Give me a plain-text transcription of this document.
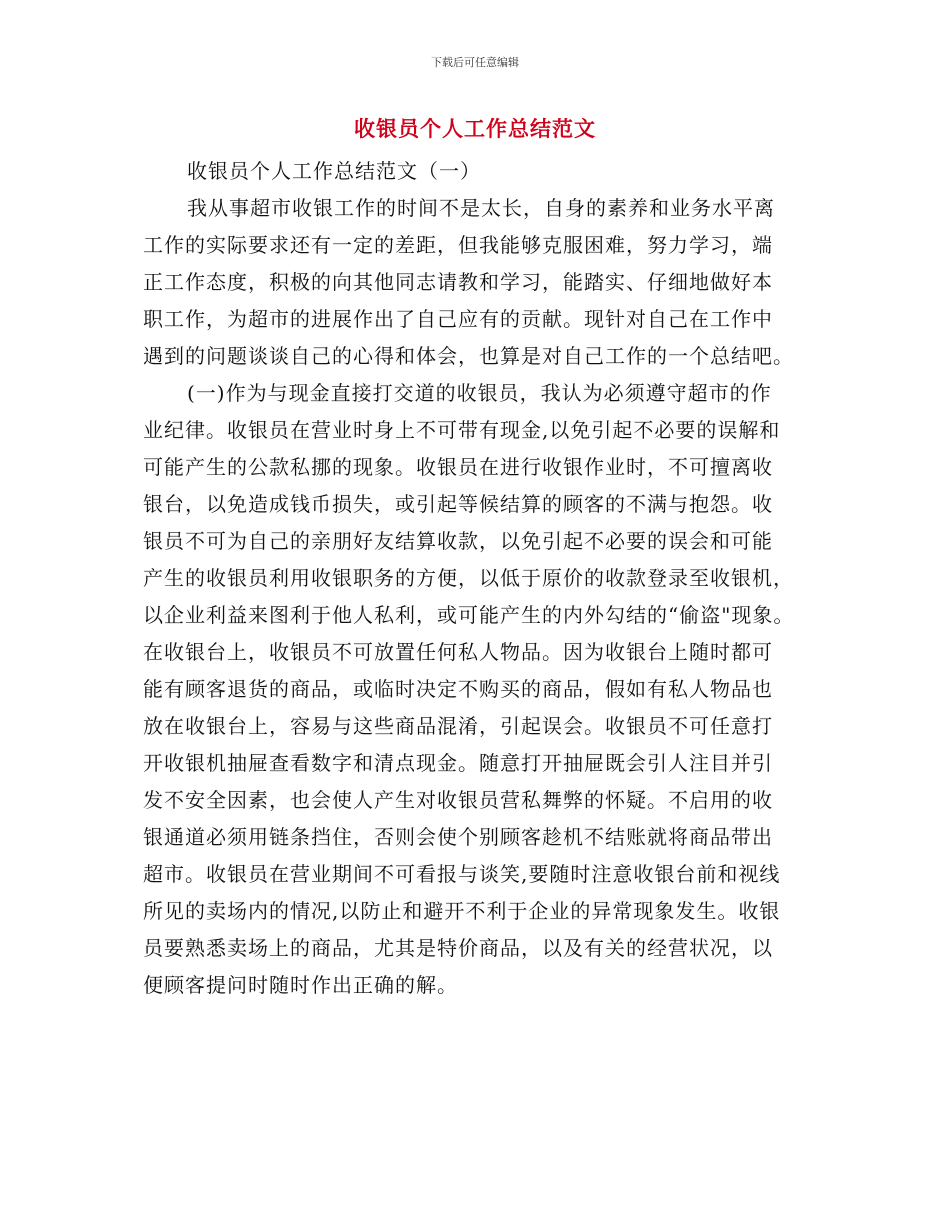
下载后可任意编辑
收银员个人工作总结范文
收银员个人工作总结范文（一）
我从事超市收银工作的时间不是太长，自身的素养和业务水平离
工作的实际要求还有一定的差距，但我能够克服困难，努力学习，端
正工作态度，积极的向其他同志请教和学习，能踏实、仔细地做好本
职工作，为超市的进展作出了自己应有的贡献。现针对自己在工作中
遇到的问题谈谈自己的心得和体会，也算是对自己工作的一个总结吧。
(一)作为与现金直接打交道的收银员，我认为必须遵守超市的作
业纪律。收银员在营业时身上不可带有现金,以免引起不必要的误解和
可能产生的公款私挪的现象。收银员在进行收银作业时，不可擅离收
银台，以免造成钱币损失，或引起等候结算的顾客的不满与抱怨。收
银员不可为自己的亲朋好友结算收款，以免引起不必要的误会和可能
产生的收银员利用收银职务的方便，以低于原价的收款登录至收银机，
以企业利益来图利于他人私利，或可能产生的内外勾结的“偷盗"现象。
在收银台上，收银员不可放置任何私人物品。因为收银台上随时都可
能有顾客退货的商品，或临时决定不购买的商品，假如有私人物品也
放在收银台上，容易与这些商品混淆，引起误会。收银员不可任意打
开收银机抽屉查看数字和清点现金。随意打开抽屉既会引人注目并引
发不安全因素，也会使人产生对收银员营私舞弊的怀疑。不启用的收
银通道必须用链条挡住，否则会使个别顾客趁机不结账就将商品带出
超市。收银员在营业期间不可看报与谈笑,要随时注意收银台前和视线
所见的卖场内的情况,以防止和避开不利于企业的异常现象发生。收银
员要熟悉卖场上的商品，尤其是特价商品，以及有关的经营状况，以
便顾客提问时随时作出正确的解。
